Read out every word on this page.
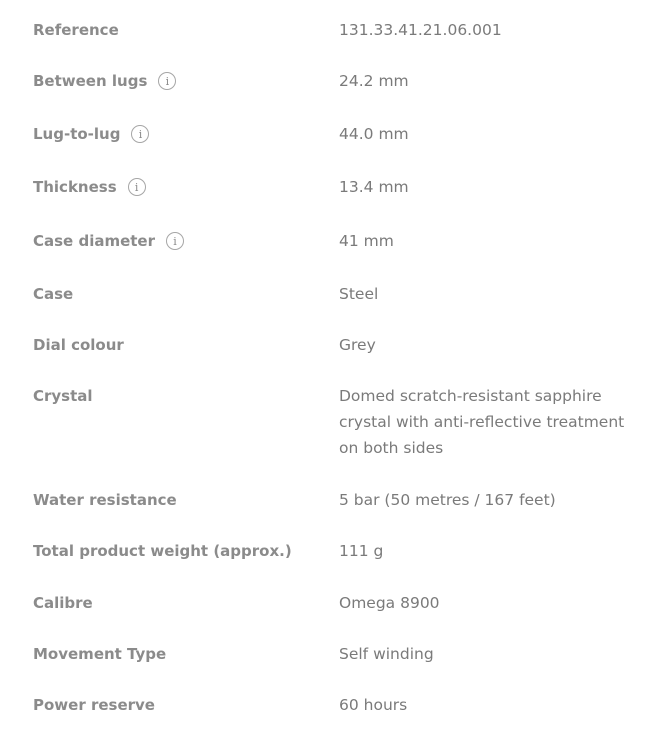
Reference	131.33.41.21.06.001
Between lugs	i	24.2 mm
Lug-to-lug	i	44.0 mm
Thickness	i	13.4 mm
Case diameter	i	41 mm
Case	Steel
Dial colour	Grey
Crystal	Domed scratch-resistant sapphire crystal with anti-reflective treatment on both sides
Water resistance	5 bar (50 metres / 167 feet)
Total product weight (approx.)	111 g
Calibre	Omega 8900
Movement Type	Self winding
Power reserve	60 hours
